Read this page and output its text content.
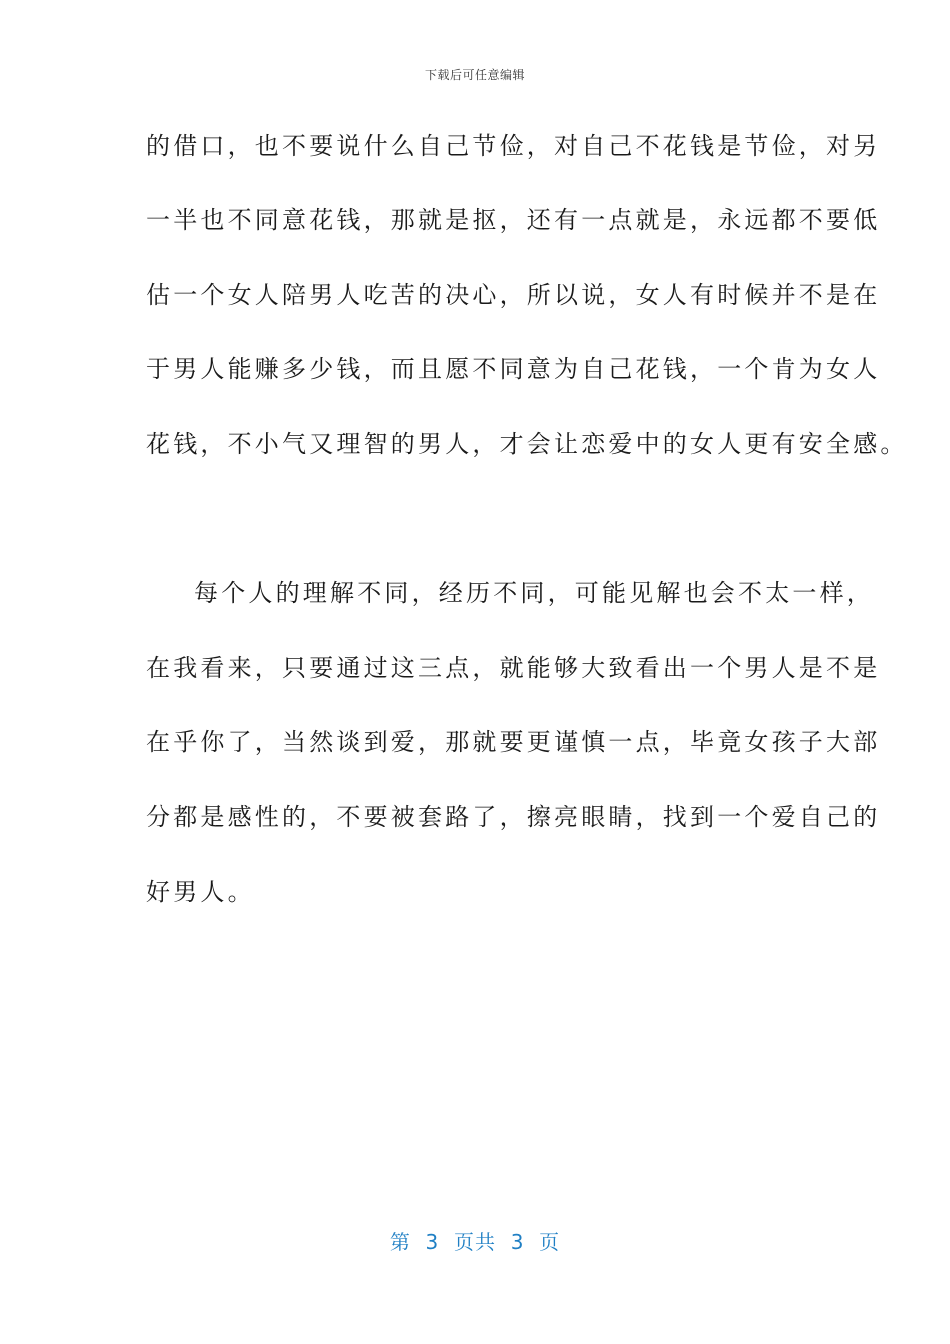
下载后可任意编辑
的借口，也不要说什么自己节俭，对自己不花钱是节俭，对另
一半也不同意花钱，那就是抠，还有一点就是，永远都不要低
估一个女人陪男人吃苦的决心，所以说，女人有时候并不是在
于男人能赚多少钱，而且愿不同意为自己花钱，一个肯为女人
花钱，不小气又理智的男人，才会让恋爱中的女人更有安全感。
每个人的理解不同，经历不同，可能见解也会不太一样，
在我看来，只要通过这三点，就能够大致看出一个男人是不是
在乎你了，当然谈到爱，那就要更谨慎一点，毕竟女孩子大部
分都是感性的，不要被套路了，擦亮眼睛，找到一个爱自己的
好男人。
第  3  页共  3  页
